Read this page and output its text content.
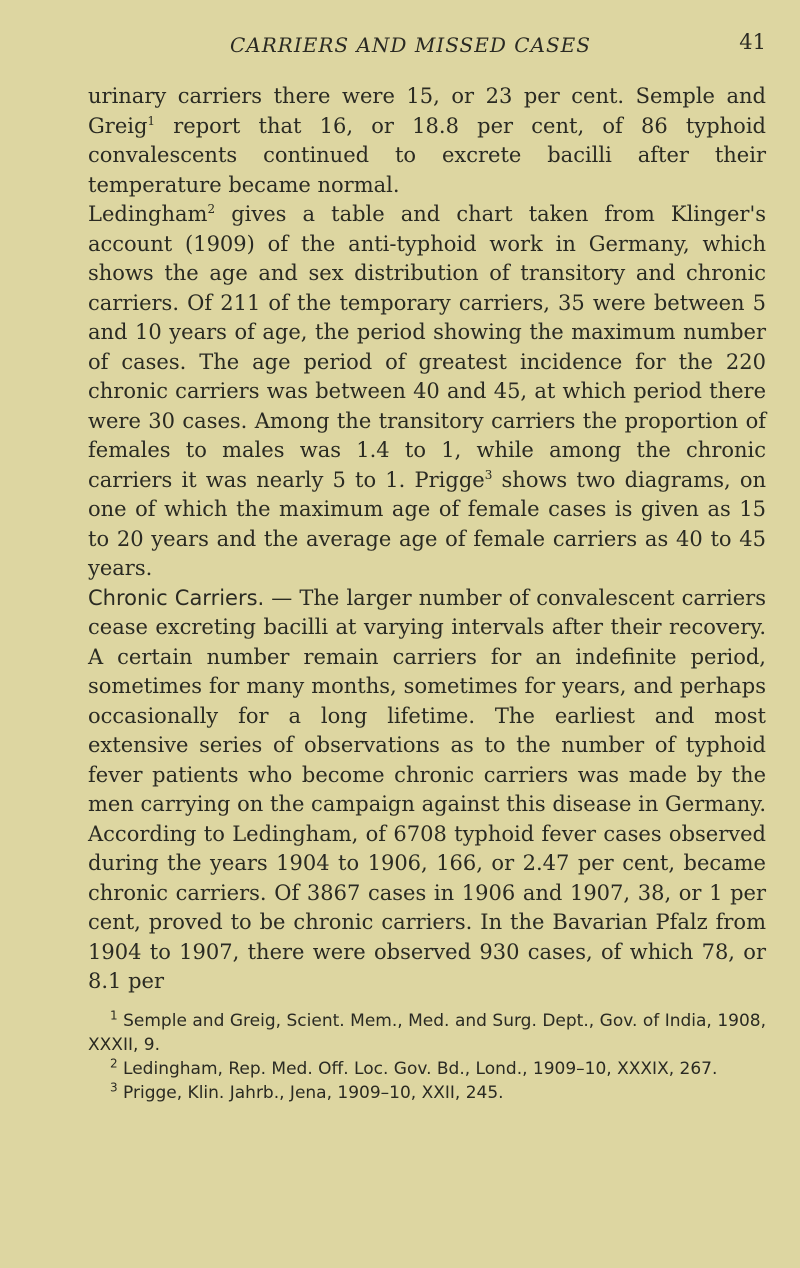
CARRIERS AND MISSED CASES	41

urinary carriers there were 15, or 23 per cent. Semple and Greig$^1$ report that 16, or 18.8 per cent, of 86 typhoid convalescents continued to excrete bacilli after their temperature became normal.

Ledingham$^2$ gives a table and chart taken from Klinger's account (1909) of the anti-typhoid work in Germany, which shows the age and sex distribution of transitory and chronic carriers. Of 211 of the temporary carriers, 35 were between 5 and 10 years of age, the period showing the maximum number of cases. The age period of greatest incidence for the 220 chronic carriers was between 40 and 45, at which period there were 30 cases. Among the transitory carriers the proportion of females to males was 1.4 to 1, while among the chronic carriers it was nearly 5 to 1. Prigge$^3$ shows two diagrams, on one of which the maximum age of female cases is given as 15 to 20 years and the average age of female carriers as 40 to 45 years.

Chronic Carriers. — The larger number of convalescent carriers cease excreting bacilli at varying intervals after their recovery. A certain number remain carriers for an indefinite period, sometimes for many months, sometimes for years, and perhaps occasionally for a long lifetime. The earliest and most extensive series of observations as to the number of typhoid fever patients who become chronic carriers was made by the men carrying on the campaign against this disease in Germany. According to Ledingham, of 6708 typhoid fever cases observed during the years 1904 to 1906, 166, or 2.47 per cent, became chronic carriers. Of 3867 cases in 1906 and 1907, 38, or 1 per cent, proved to be chronic carriers. In the Bavarian Pfalz from 1904 to 1907, there were observed 930 cases, of which 78, or 8.1 per

$^1$ Semple and Greig, Scient. Mem., Med. and Surg. Dept., Gov. of India, 1908, XXXII, 9.
$^2$ Ledingham, Rep. Med. Off. Loc. Gov. Bd., Lond., 1909–10, XXXIX, 267.
$^3$ Prigge, Klin. Jahrb., Jena, 1909–10, XXII, 245.
